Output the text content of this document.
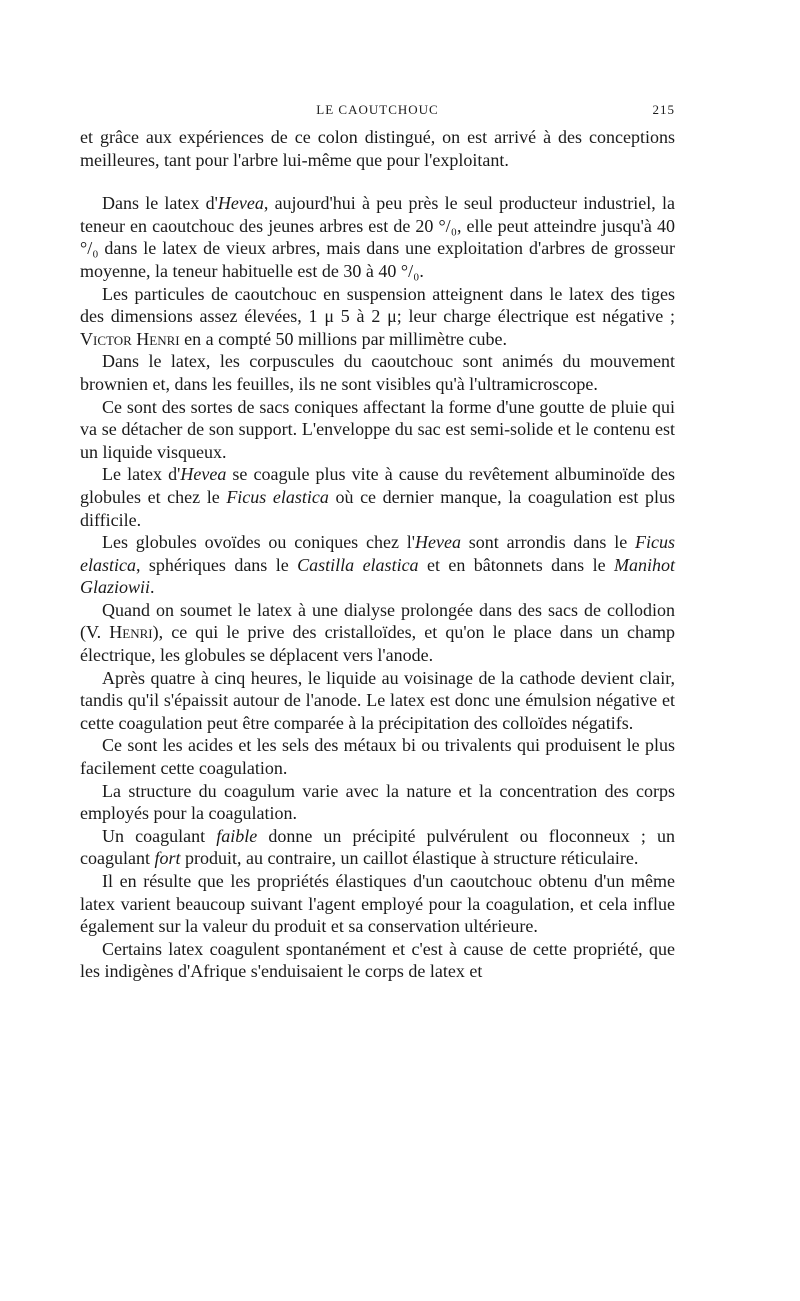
LE CAOUTCHOUC	215

et grâce aux expériences de ce colon distingué, on est arrivé à des conceptions meilleures, tant pour l'arbre lui-même que pour l'exploitant.

Dans le latex d'Hevea, aujourd'hui à peu près le seul producteur industriel, la teneur en caoutchouc des jeunes arbres est de 20 °/₀, elle peut atteindre jusqu'à 40 °/₀ dans le latex de vieux arbres, mais dans une exploitation d'arbres de grosseur moyenne, la teneur habituelle est de 30 à 40 °/₀.

Les particules de caoutchouc en suspension atteignent dans le latex des tiges des dimensions assez élevées, 1 μ 5 à 2 μ; leur charge électrique est négative ; Victor Henri en a compté 50 millions par millimètre cube.

Dans le latex, les corpuscules du caoutchouc sont animés du mouvement brownien et, dans les feuilles, ils ne sont visibles qu'à l'ultramicroscope.

Ce sont des sortes de sacs coniques affectant la forme d'une goutte de pluie qui va se détacher de son support. L'enveloppe du sac est semi-solide et le contenu est un liquide visqueux.

Le latex d'Hevea se coagule plus vite à cause du revêtement albuminoïde des globules et chez le Ficus elastica où ce dernier manque, la coagulation est plus difficile.

Les globules ovoïdes ou coniques chez l'Hevea sont arrondis dans le Ficus elastica, sphériques dans le Castilla elastica et en bâtonnets dans le Manihot Glaziowii.

Quand on soumet le latex à une dialyse prolongée dans des sacs de collodion (V. Henri), ce qui le prive des cristalloïdes, et qu'on le place dans un champ électrique, les globules se déplacent vers l'anode.

Après quatre à cinq heures, le liquide au voisinage de la cathode devient clair, tandis qu'il s'épaissit autour de l'anode. Le latex est donc une émulsion négative et cette coagulation peut être comparée à la précipitation des colloïdes négatifs.

Ce sont les acides et les sels des métaux bi ou trivalents qui produisent le plus facilement cette coagulation.

La structure du coagulum varie avec la nature et la concentration des corps employés pour la coagulation.

Un coagulant faible donne un précipité pulvérulent ou floconneux ; un coagulant fort produit, au contraire, un caillot élastique à structure réticulaire.

Il en résulte que les propriétés élastiques d'un caoutchouc obtenu d'un même latex varient beaucoup suivant l'agent employé pour la coagulation, et cela influe également sur la valeur du produit et sa conservation ultérieure.

Certains latex coagulent spontanément et c'est à cause de cette propriété, que les indigènes d'Afrique s'enduisaient le corps de latex et
